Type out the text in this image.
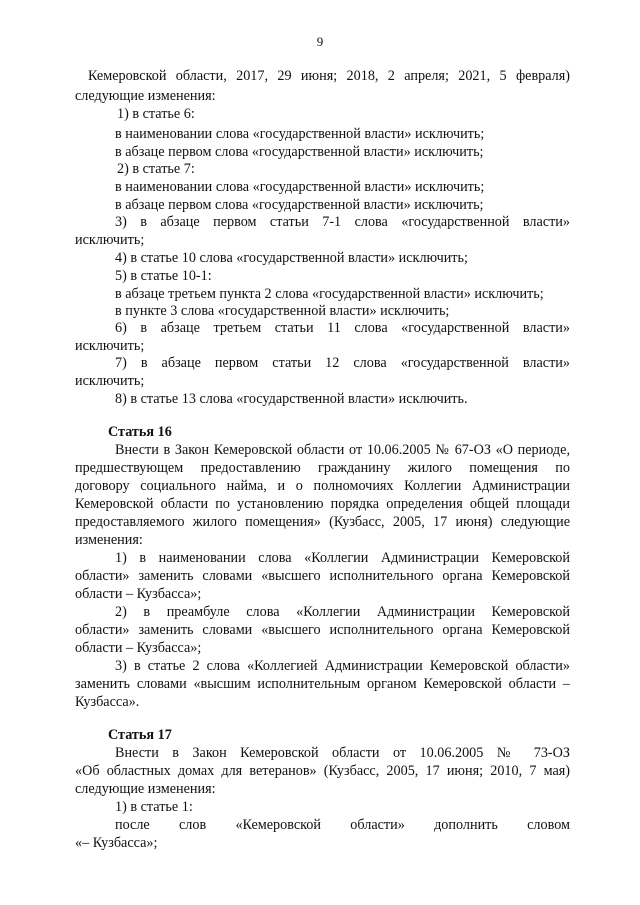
9
Кемеровской области, 2017, 29 июня; 2018, 2 апреля; 2021, 5 февраля)
следующие изменения:
1) в статье 6:
в наименовании слова «государственной власти» исключить;
в абзаце первом слова «государственной власти» исключить;
2) в статье 7:
в наименовании слова «государственной власти» исключить;
в абзаце первом слова «государственной власти» исключить;
3) в абзаце первом статьи 7-1 слова «государственной власти»
исключить;
4) в статье 10 слова «государственной власти» исключить;
5) в статье 10-1:
в абзаце третьем пункта 2 слова «государственной власти» исключить;
в пункте 3 слова «государственной власти» исключить;
6) в абзаце третьем статьи 11 слова «государственной власти»
исключить;
7) в абзаце первом статьи 12 слова «государственной власти»
исключить;
8) в статье 13 слова «государственной власти» исключить.
Статья 16
Внести в Закон Кемеровской области от 10.06.2005 № 67-ОЗ «О периоде,
предшествующем предоставлению гражданину жилого помещения по
договору социального найма, и о полномочиях Коллегии Администрации
Кемеровской области по установлению порядка определения общей площади
предоставляемого жилого помещения» (Кузбасс, 2005, 17 июня) следующие
изменения:
1) в наименовании слова «Коллегии Администрации Кемеровской
области» заменить словами «высшего исполнительного органа Кемеровской
области – Кузбасса»;
2) в преамбуле слова «Коллегии Администрации Кемеровской
области» заменить словами «высшего исполнительного органа Кемеровской
области – Кузбасса»;
3) в статье 2 слова «Коллегией Администрации Кемеровской области»
заменить словами «высшим исполнительным органом Кемеровской области –
Кузбасса».
Статья 17
Внести в Закон Кемеровской области от 10.06.2005 № 73-ОЗ
«Об областных домах для ветеранов» (Кузбасс, 2005, 17 июня; 2010, 7 мая)
следующие изменения:
1) в статье 1:
после слов «Кемеровской области» дополнить словом
«– Кузбасса»;
